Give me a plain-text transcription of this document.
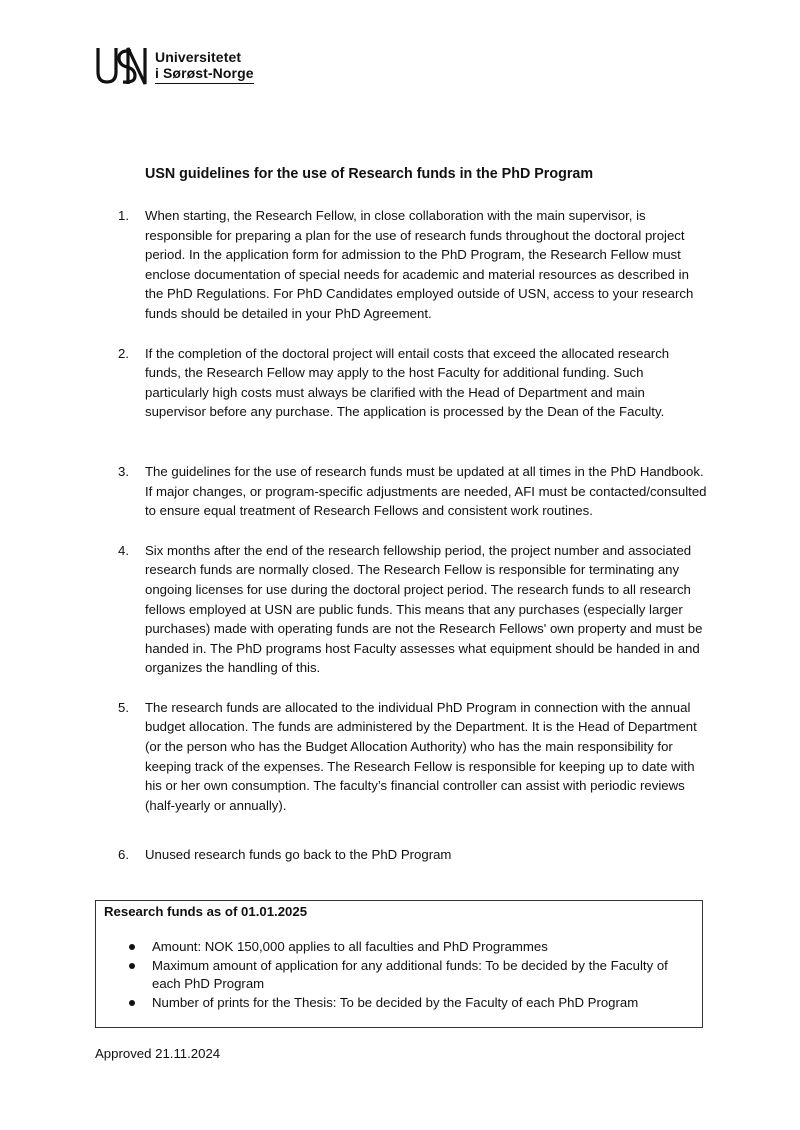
Universitetet
i Sørøst-Norge
USN guidelines for the use of Research funds in the PhD Program
1. When starting, the Research Fellow, in close collaboration with the main supervisor, is responsible for preparing a plan for the use of research funds throughout the doctoral project period. In the application form for admission to the PhD Program, the Research Fellow must enclose documentation of special needs for academic and material resources as described in the PhD Regulations. For PhD Candidates employed outside of USN, access to your research funds should be detailed in your PhD Agreement.
2. If the completion of the doctoral project will entail costs that exceed the allocated research funds, the Research Fellow may apply to the host Faculty for additional funding. Such particularly high costs must always be clarified with the Head of Department and main supervisor before any purchase. The application is processed by the Dean of the Faculty.
3. The guidelines for the use of research funds must be updated at all times in the PhD Handbook. If major changes, or program-specific adjustments are needed, AFI must be contacted/consulted to ensure equal treatment of Research Fellows and consistent work routines.
4. Six months after the end of the research fellowship period, the project number and associated research funds are normally closed. The Research Fellow is responsible for terminating any ongoing licenses for use during the doctoral project period. The research funds to all research fellows employed at USN are public funds. This means that any purchases (especially larger purchases) made with operating funds are not the Research Fellows' own property and must be handed in. The PhD programs host Faculty assesses what equipment should be handed in and organizes the handling of this.
5. The research funds are allocated to the individual PhD Program in connection with the annual budget allocation. The funds are administered by the Department. It is the Head of Department (or the person who has the Budget Allocation Authority) who has the main responsibility for keeping track of the expenses. The Research Fellow is responsible for keeping up to date with his or her own consumption. The faculty’s financial controller can assist with periodic reviews (half-yearly or annually).
6. Unused research funds go back to the PhD Program
Research funds as of 01.01.2025
Amount: NOK 150,000 applies to all faculties and PhD Programmes
Maximum amount of application for any additional funds: To be decided by the Faculty of each PhD Program
Number of prints for the Thesis: To be decided by the Faculty of each PhD Program
Approved 21.11.2024
